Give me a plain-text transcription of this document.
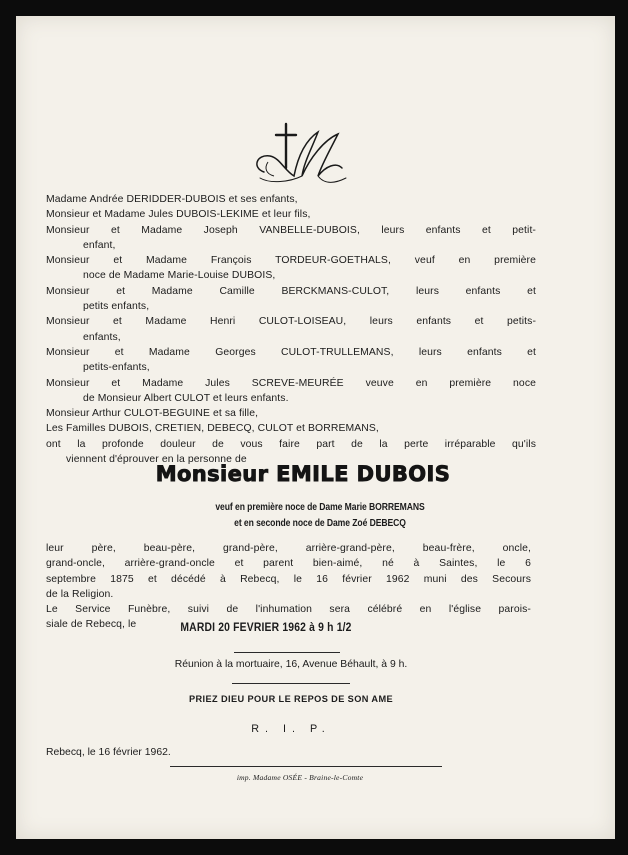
Madame Andrée DERIDDER-DUBOIS et ses enfants,
Monsieur et Madame Jules DUBOIS-LEKIME et leur fils,
Monsieur et Madame Joseph VANBELLE-DUBOIS, leurs enfants et petit-
enfant,
Monsieur et Madame François TORDEUR-GOETHALS, veuf en première
noce de Madame Marie-Louise DUBOIS,
Monsieur et Madame Camille BERCKMANS-CULOT, leurs enfants et
petits enfants,
Monsieur et Madame Henri CULOT-LOISEAU, leurs enfants et petits-
enfants,
Monsieur et Madame Georges CULOT-TRULLEMANS, leurs enfants et
petits-enfants,
Monsieur et Madame Jules SCREVE-MEURÉE veuve en première noce
de Monsieur Albert CULOT et leurs enfants.
Monsieur Arthur CULOT-BEGUINE et sa fille,
Les Familles DUBOIS, CRETIEN, DEBECQ, CULOT et BORREMANS,
ont la profonde douleur de vous faire part de la perte irréparable qu'ils
viennent d'éprouver en la personne de
Monsieur EMILE DUBOIS
veuf en première noce de Dame Marie BORREMANS
et en seconde noce de Dame Zoé DEBECQ
leur père, beau-père, grand-père, arrière-grand-père, beau-frère, oncle,
grand-oncle, arrière-grand-oncle et parent bien-aimé, né à Saintes, le 6
septembre 1875 et décédé à Rebecq, le 16 février 1962 muni des Secours
de la Religion.
Le Service Funèbre, suivi de l'inhumation sera célébré en l'église parois-
siale de Rebecq, le	MARDI 20 FEVRIER 1962 à 9 h 1/2
Réunion à la mortuaire, 16, Avenue Béhault, à 9 h.
PRIEZ DIEU POUR LE REPOS DE SON AME
R. I. P.
Rebecq, le 16 février 1962.
imp. Madame OSÉE - Braine-le-Comte
